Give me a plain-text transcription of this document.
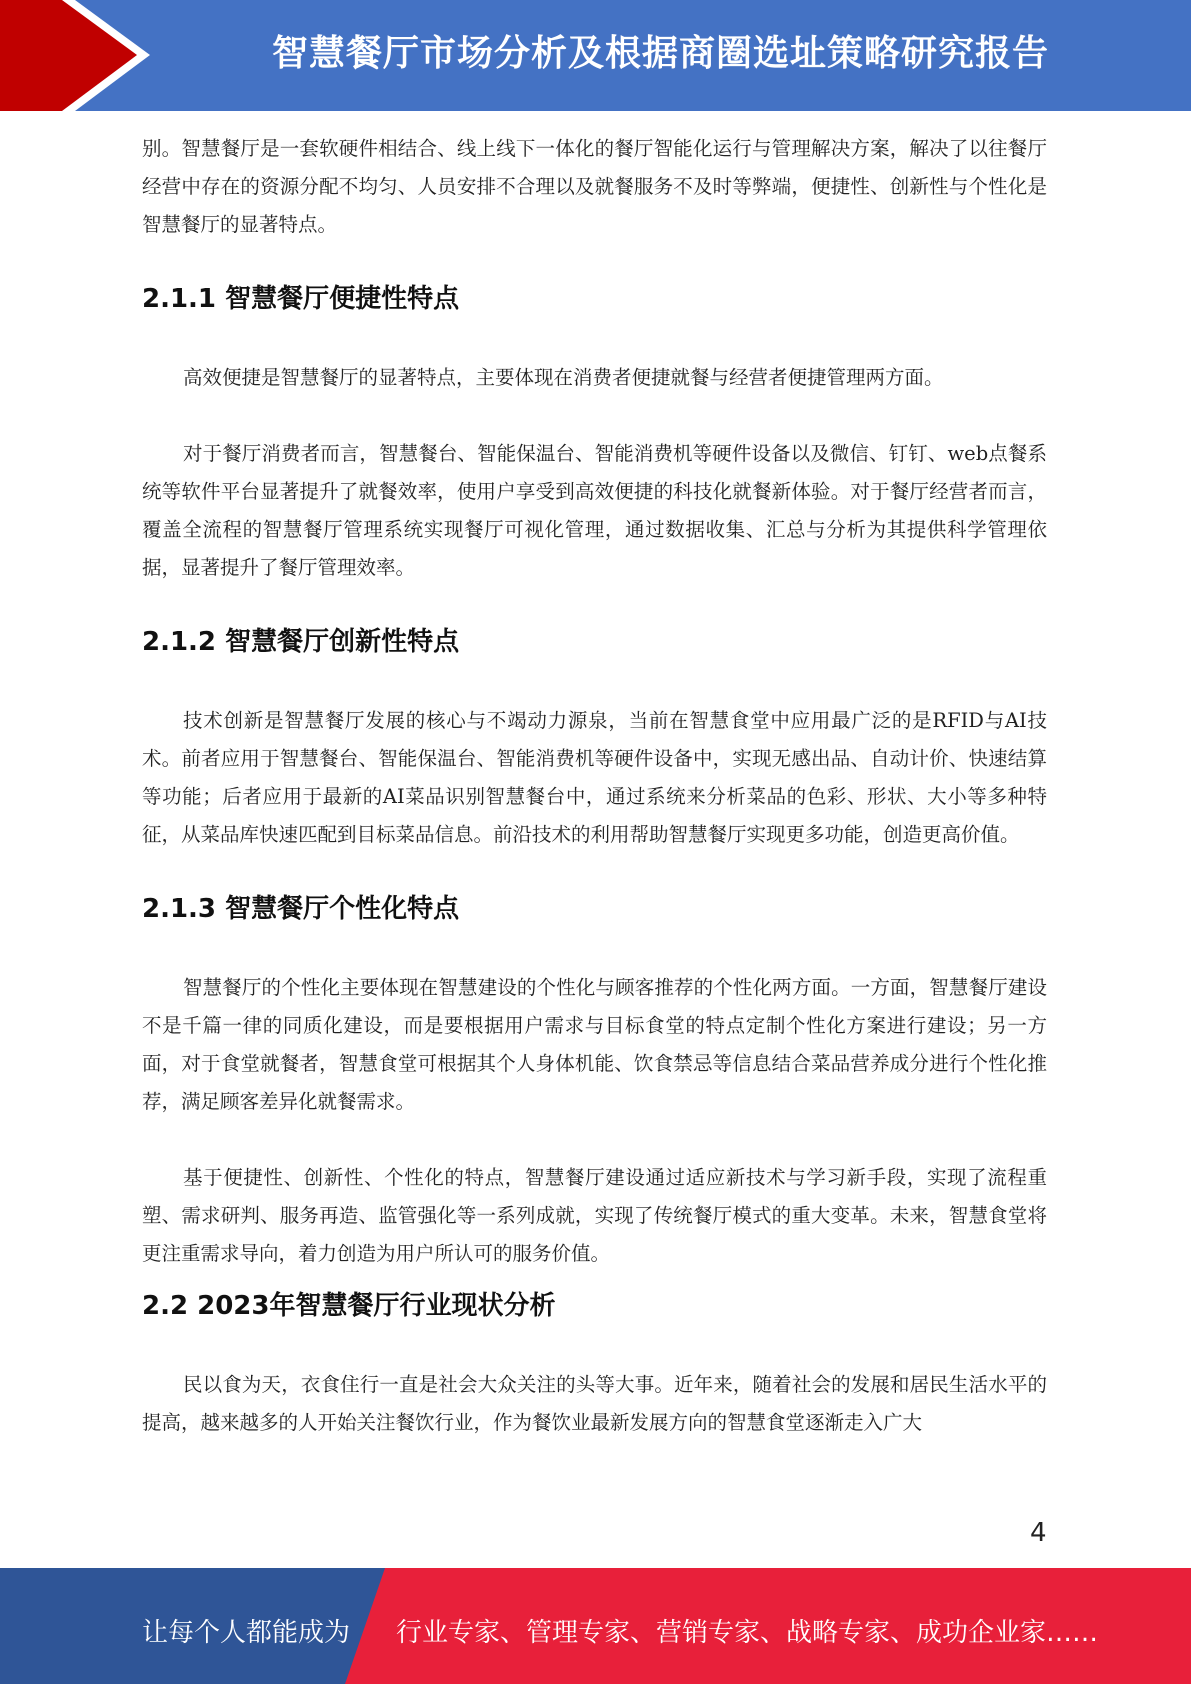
智慧餐厅市场分析及根据商圈选址策略研究报告

别。智慧餐厅是一套软硬件相结合、线上线下一体化的餐厅智能化运行与管理解决方案，解决了以往餐厅经营中存在的资源分配不均匀、人员安排不合理以及就餐服务不及时等弊端，便捷性、创新性与个性化是智慧餐厅的显著特点。

2.1.1 智慧餐厅便捷性特点

高效便捷是智慧餐厅的显著特点，主要体现在消费者便捷就餐与经营者便捷管理两方面。

对于餐厅消费者而言，智慧餐台、智能保温台、智能消费机等硬件设备以及微信、钉钉、web点餐系统等软件平台显著提升了就餐效率，使用户享受到高效便捷的科技化就餐新体验。对于餐厅经营者而言，覆盖全流程的智慧餐厅管理系统实现餐厅可视化管理，通过数据收集、汇总与分析为其提供科学管理依据，显著提升了餐厅管理效率。

2.1.2 智慧餐厅创新性特点

技术创新是智慧餐厅发展的核心与不竭动力源泉，当前在智慧食堂中应用最广泛的是RFID与AI技术。前者应用于智慧餐台、智能保温台、智能消费机等硬件设备中，实现无感出品、自动计价、快速结算等功能；后者应用于最新的AI菜品识别智慧餐台中，通过系统来分析菜品的色彩、形状、大小等多种特征，从菜品库快速匹配到目标菜品信息。前沿技术的利用帮助智慧餐厅实现更多功能，创造更高价值。

2.1.3 智慧餐厅个性化特点

智慧餐厅的个性化主要体现在智慧建设的个性化与顾客推荐的个性化两方面。一方面，智慧餐厅建设不是千篇一律的同质化建设，而是要根据用户需求与目标食堂的特点定制个性化方案进行建设；另一方面，对于食堂就餐者，智慧食堂可根据其个人身体机能、饮食禁忌等信息结合菜品营养成分进行个性化推荐，满足顾客差异化就餐需求。

基于便捷性、创新性、个性化的特点，智慧餐厅建设通过适应新技术与学习新手段，实现了流程重塑、需求研判、服务再造、监管强化等一系列成就，实现了传统餐厅模式的重大变革。未来，智慧食堂将更注重需求导向，着力创造为用户所认可的服务价值。

2.2 2023年智慧餐厅行业现状分析

民以食为天，衣食住行一直是社会大众关注的头等大事。近年来，随着社会的发展和居民生活水平的提高，越来越多的人开始关注餐饮行业，作为餐饮业最新发展方向的智慧食堂逐渐走入广大

4
让每个人都能成为 行业专家、管理专家、营销专家、战略专家、成功企业家……
